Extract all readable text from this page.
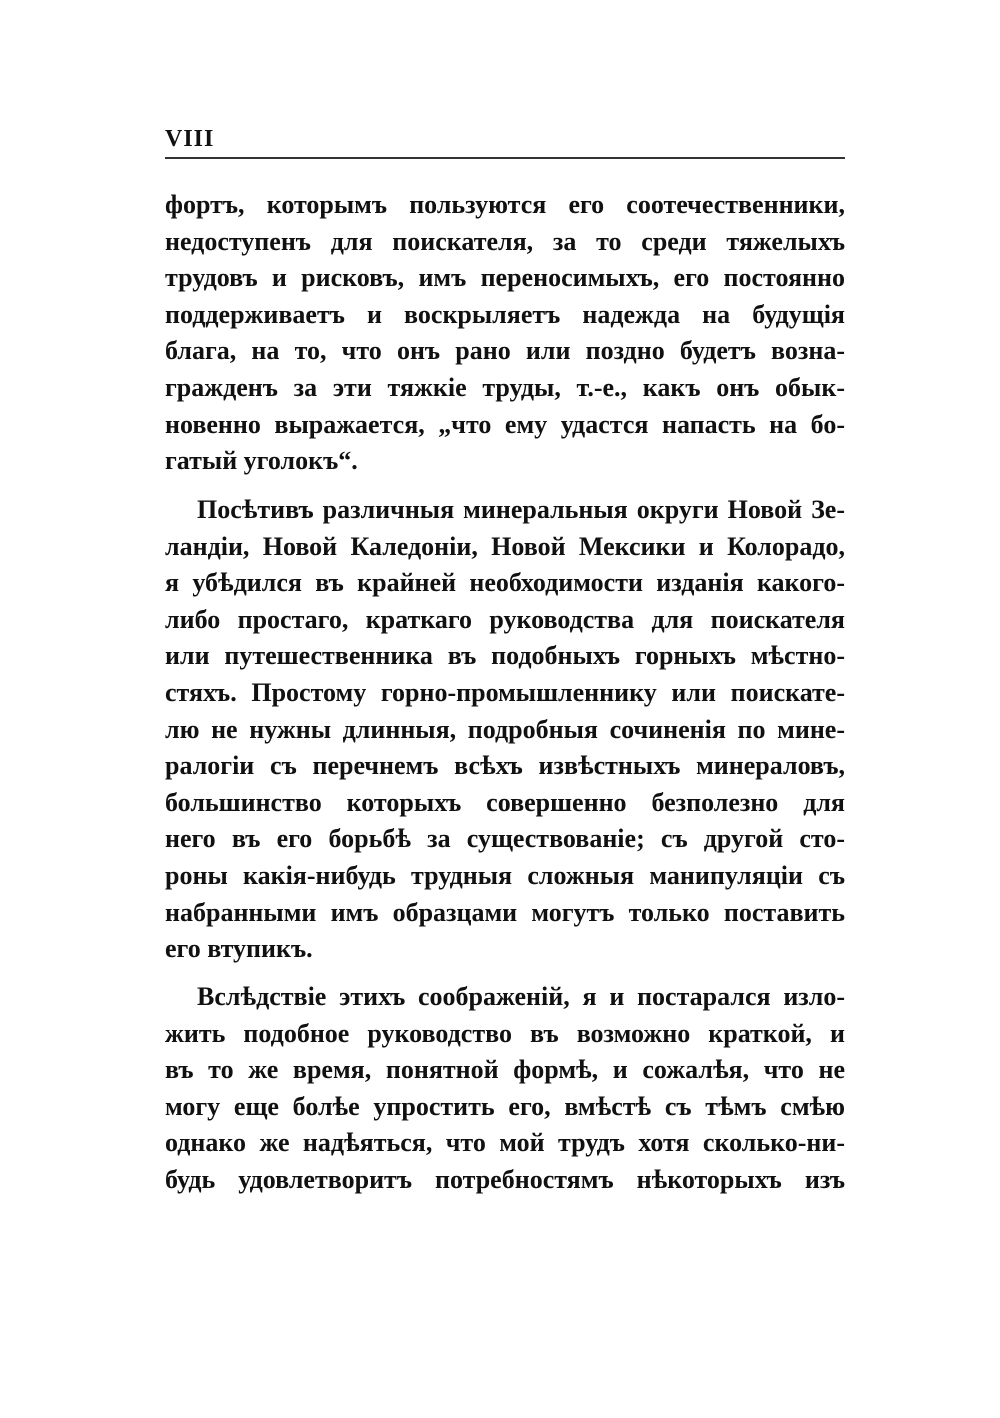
VIII
фортъ, которымъ пользуются его соотечественники,
недоступенъ для поискателя, за то среди тяжелыхъ
трудовъ и рисковъ, имъ переносимыхъ, его постоянно
поддерживаетъ и воскрыляетъ надежда на будущія
блага, на то, что онъ рано или поздно будетъ возна-
гражденъ за эти тяжкіе труды, т.-е., какъ онъ обык-
новенно выражается, „что ему удастся напасть на бо-
гатый уголокъ“.
Посѣтивъ различныя минеральныя округи Новой Зе-
ландіи, Новой Каледоніи, Новой Мексики и Колорадо,
я убѣдился въ крайней необходимости изданія какого-
либо простаго, краткаго руководства для поискателя
или путешественника въ подобныхъ горныхъ мѣстно-
стяхъ. Простому горно-промышленнику или поискате-
лю не нужны длинныя, подробныя сочиненія по мине-
ралогіи съ перечнемъ всѣхъ извѣстныхъ минераловъ,
большинство которыхъ совершенно безполезно для
него въ его борьбѣ за существованіе; съ другой сто-
роны какія-нибудь трудныя сложныя манипуляціи съ
набранными имъ образцами могутъ только поставить
его втупикъ.
Вслѣдствіе этихъ соображеній, я и постарался изло-
жить подобное руководство въ возможно краткой, и
въ то же время, понятной формѣ, и сожалѣя, что не
могу еще болѣе упростить его, вмѣстѣ съ тѣмъ смѣю
однако же надѣяться, что мой трудъ хотя сколько-ни-
будь удовлетворитъ потребностямъ нѣкоторыхъ изъ
